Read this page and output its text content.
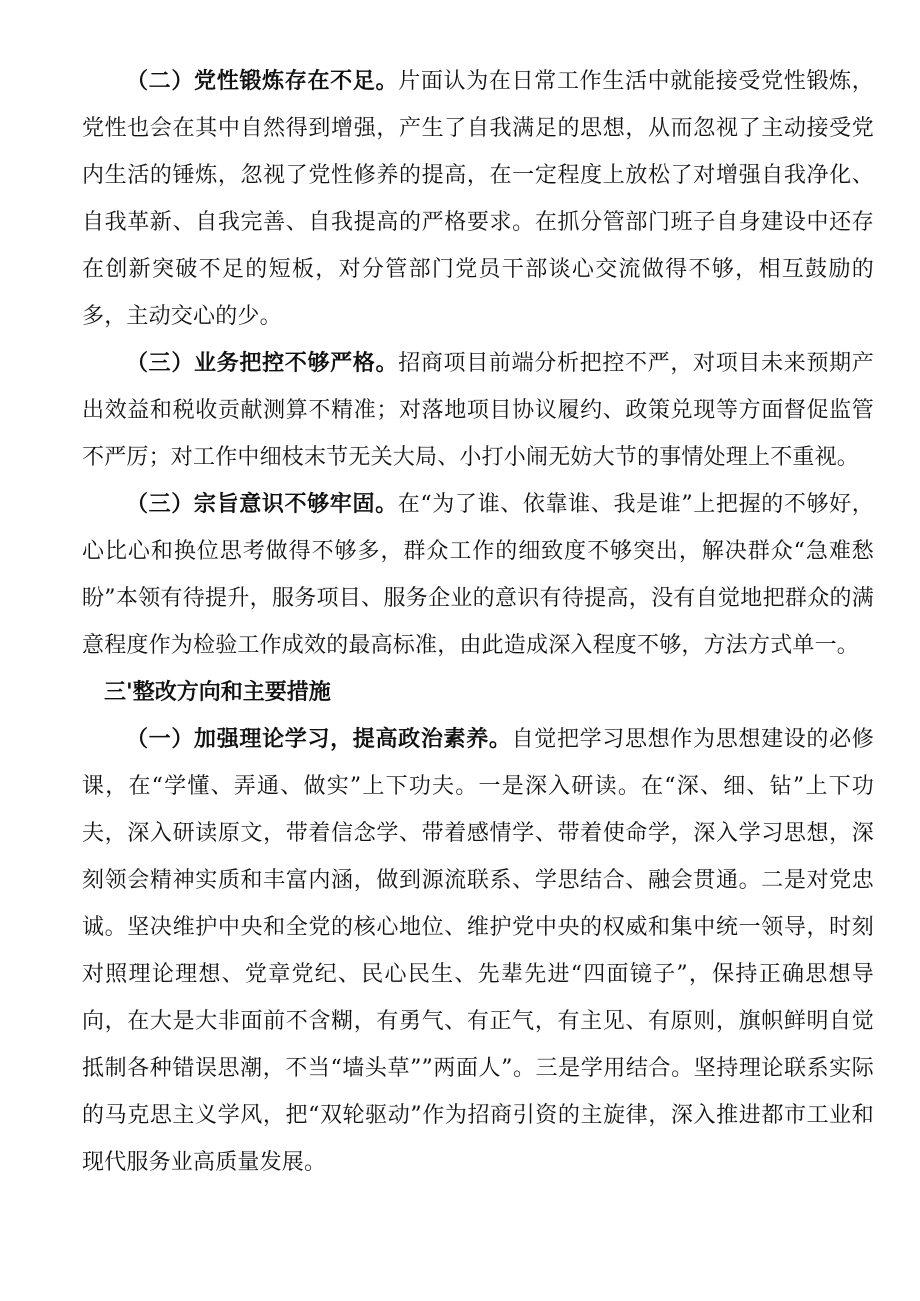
（二）党性锻炼存在不足。片面认为在日常工作生活中就能接受党性锻炼，党性也会在其中自然得到增强，产生了自我满足的思想，从而忽视了主动接受党内生活的锤炼，忽视了党性修养的提高，在一定程度上放松了对增强自我净化、自我革新、自我完善、自我提高的严格要求。在抓分管部门班子自身建设中还存在创新突破不足的短板，对分管部门党员干部谈心交流做得不够，相互鼓励的多，主动交心的少。

（三）业务把控不够严格。招商项目前端分析把控不严，对项目未来预期产出效益和税收贡献测算不精准；对落地项目协议履约、政策兑现等方面督促监管不严厉；对工作中细枝末节无关大局、小打小闹无妨大节的事情处理上不重视。

（三）宗旨意识不够牢固。在“为了谁、依靠谁、我是谁”上把握的不够好，心比心和换位思考做得不够多，群众工作的细致度不够突出，解决群众“急难愁盼”本领有待提升，服务项目、服务企业的意识有待提高，没有自觉地把群众的满意程度作为检验工作成效的最高标准，由此造成深入程度不够，方法方式单一。

三'整改方向和主要措施

（一）加强理论学习，提高政治素养。自觉把学习思想作为思想建设的必修课，在“学懂、弄通、做实”上下功夫。一是深入研读。在“深、细、钻”上下功夫，深入研读原文，带着信念学、带着感情学、带着使命学，深入学习思想，深刻领会精神实质和丰富内涵，做到源流联系、学思结合、融会贯通。二是对党忠诚。坚决维护中央和全党的核心地位、维护党中央的权威和集中统一领导，时刻对照理论理想、党章党纪、民心民生、先辈先进“四面镜子”，保持正确思想导向，在大是大非面前不含糊，有勇气、有正气，有主见、有原则，旗帜鲜明自觉抵制各种错误思潮，不当“墙头草””两面人”。三是学用结合。坚持理论联系实际的马克思主义学风，把“双轮驱动”作为招商引资的主旋律，深入推进都市工业和现代服务业高质量发展。
